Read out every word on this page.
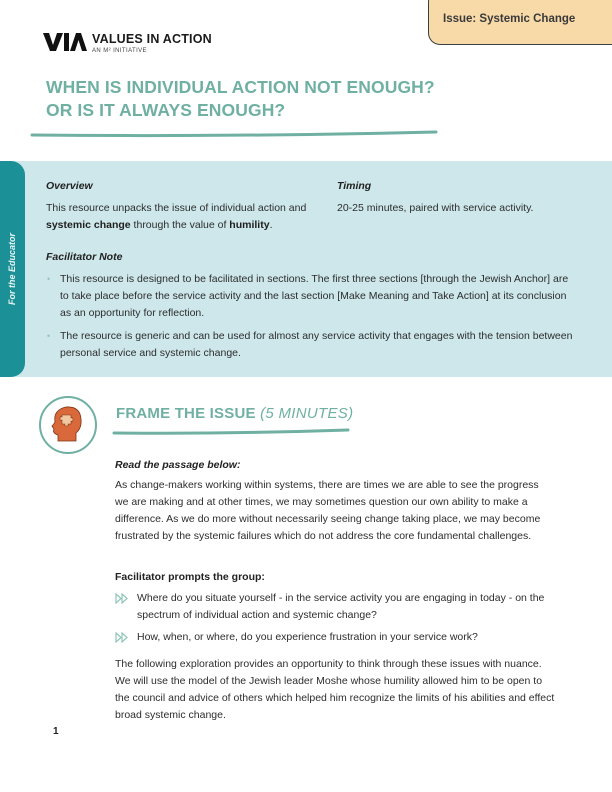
Issue: Systemic Change
VALUES IN ACTION
AN M² INITIATIVE
WHEN IS INDIVIDUAL ACTION NOT ENOUGH?
OR IS IT ALWAYS ENOUGH?
For the Educator
Overview
This resource unpacks the issue of individual action and systemic change through the value of humility.
Timing
20-25 minutes, paired with service activity.
Facilitator Note
• This resource is designed to be facilitated in sections. The first three sections [through the Jewish Anchor] are to take place before the service activity and the last section [Make Meaning and Take Action] at its conclusion as an opportunity for reflection.
• The resource is generic and can be used for almost any service activity that engages with the tension between personal service and systemic change.
FRAME THE ISSUE (5 MINUTES)
Read the passage below:
As change-makers working within systems, there are times we are able to see the progress we are making and at other times, we may sometimes question our own ability to make a difference. As we do more without necessarily seeing change taking place, we may become frustrated by the systemic failures which do not address the core fundamental challenges.
Facilitator prompts the group:
Where do you situate yourself - in the service activity you are engaging in today - on the spectrum of individual action and systemic change?
How, when, or where, do you experience frustration in your service work?
The following exploration provides an opportunity to think through these issues with nuance. We will use the model of the Jewish leader Moshe whose humility allowed him to be open to the council and advice of others which helped him recognize the limits of his abilities and effect broad systemic change.
1
